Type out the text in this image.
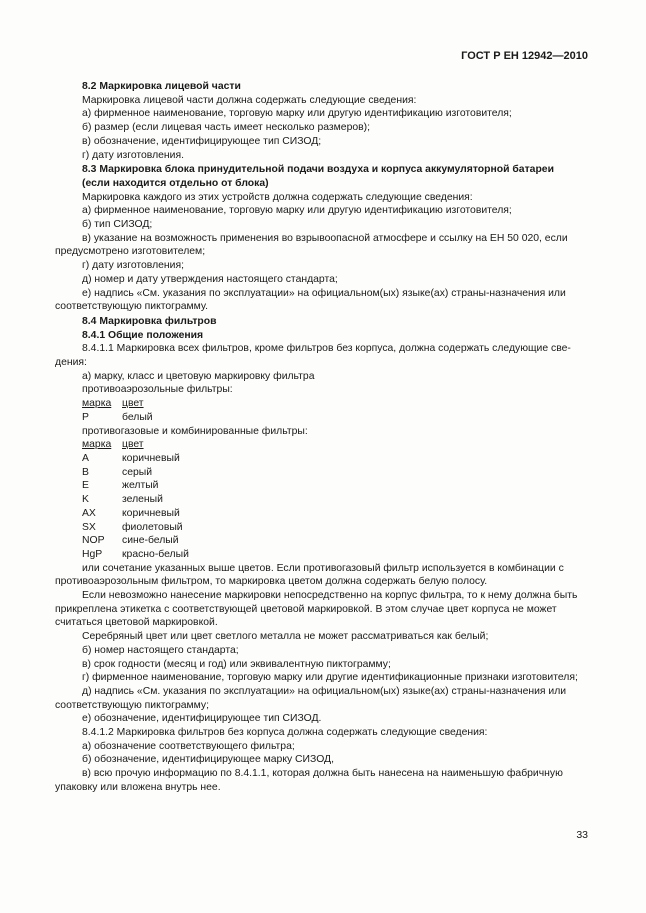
ГОСТ Р ЕН 12942—2010
8.2 Маркировка лицевой части
Маркировка лицевой части должна содержать следующие сведения:
а) фирменное наименование, торговую марку или другую идентификацию изготовителя;
б) размер (если лицевая часть имеет несколько размеров);
в) обозначение, идентифицирующее тип СИЗОД;
г) дату изготовления.
8.3 Маркировка блока принудительной подачи воздуха и корпуса аккумуляторной батареи
(если находится отдельно от блока)
Маркировка каждого из этих устройств должна содержать следующие сведения:
а) фирменное наименование, торговую марку или другую идентификацию изготовителя;
б) тип СИЗОД;
в) указание на возможность применения во взрывоопасной атмосфере и ссылку на ЕН 50 020, если
предусмотрено изготовителем;
г) дату изготовления;
д) номер и дату утверждения настоящего стандарта;
е) надпись «См. указания по эксплуатации» на официальном(ых) языке(ах) страны-назначения или
соответствующую пиктограмму.
8.4 Маркировка фильтров
8.4.1 Общие положения
8.4.1.1 Маркировка всех фильтров, кроме фильтров без корпуса, должна содержать следующие све-
дения:
а) марку, класс и цветовую маркировку фильтра
противоаэрозольные фильтры:
марка цвет
P	белый
противогазовые и комбинированные фильтры:
марка цвет
A	коричневый
B	серый
E	желтый
K	зеленый
AX	коричневый
SX	фиолетовый
NOP сине-белый
HgP красно-белый
или сочетание указанных выше цветов. Если противогазовый фильтр используется в комбинации с
противоаэрозольным фильтром, то маркировка цветом должна содержать белую полосу.
Если невозможно нанесение маркировки непосредственно на корпус фильтра, то к нему должна быть
прикреплена этикетка с соответствующей цветовой маркировкой. В этом случае цвет корпуса не может
считаться цветовой маркировкой.
Серебряный цвет или цвет светлого металла не может рассматриваться как белый;
б) номер настоящего стандарта;
в) срок годности (месяц и год) или эквивалентную пиктограмму;
г) фирменное наименование, торговую марку или другие идентификационные признаки изготовителя;
д) надпись «См. указания по эксплуатации» на официальном(ых) языке(ах) страны-назначения или
соответствующую пиктограмму;
е) обозначение, идентифицирующее тип СИЗОД.
8.4.1.2 Маркировка фильтров без корпуса должна содержать следующие сведения:
а) обозначение соответствующего фильтра;
б) обозначение, идентифицирующее марку СИЗОД,
в) всю прочую информацию по 8.4.1.1, которая должна быть нанесена на наименьшую фабричную
упаковку или вложена внутрь нее.
33
